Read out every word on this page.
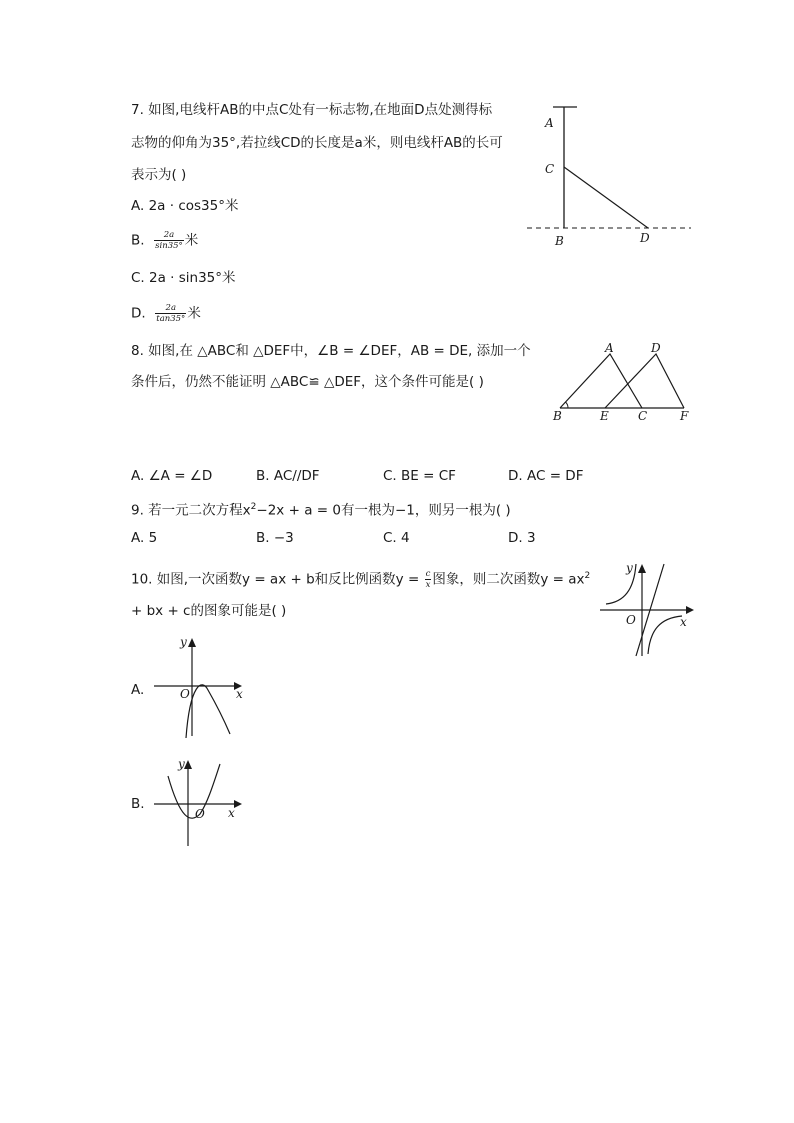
7. 如图,电线杆AB的中点C处有一标志物,在地面D点处测得标
志物的仰角为35°,若拉线CD的长度是a米，则电线杆AB的长可
表示为( )
A. 2a · cos35°米
B. $\frac{2a}{\sin 35^\circ}$ 米
C. 2a · sin35°米
D. $\frac{2a}{\tan 35^\circ}$ 米
A
C
B	D
8. 如图,在 △ABC和 △DEF中，∠B = ∠DEF，AB = DE, 添加一个
条件后，仍然不能证明 △ABC≌ △DEF，这个条件可能是( )
A	D
B	E C	F
A. ∠A = ∠D	B. AC//DF	C. BE = CF	D. AC = DF
9. 若一元二次方程$x^2-2x + a = 0$有一根为−1，则另一根为( )
A. 5	B. −3	C. 4	D. 3
10. 如图,一次函数y = ax + b和反比例函数$y = \frac{c}{x}$ 图象，则二次函数$y = ax^2$
+ bx + c的图象可能是( )
y
O	x
A.
y
O	x
B.
y
O x
